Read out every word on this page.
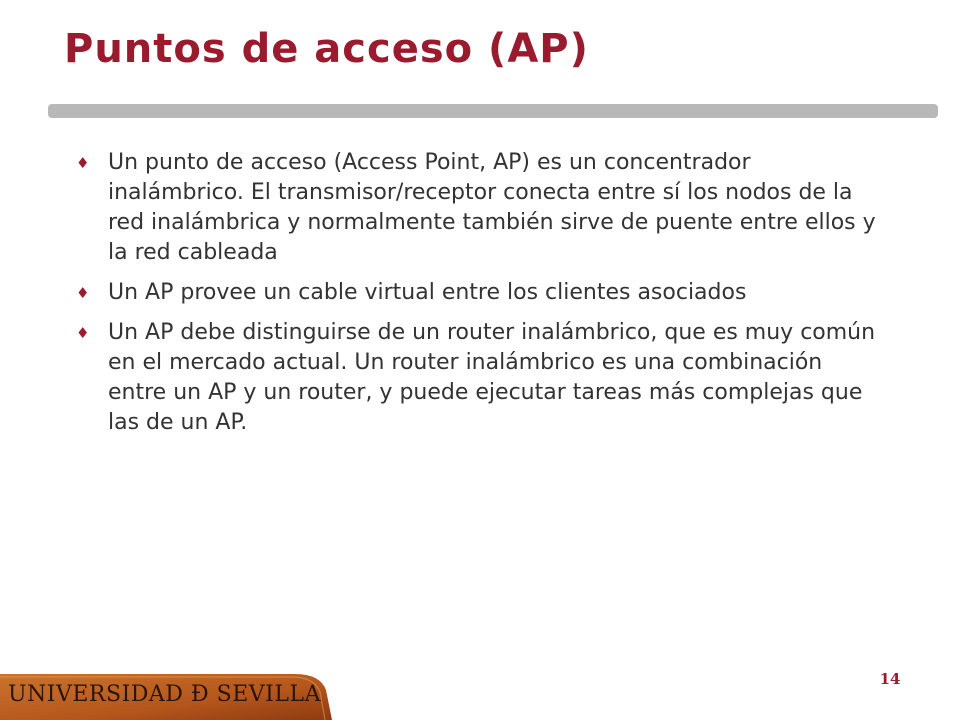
Puntos de acceso (AP)
♦ Un punto de acceso (Access Point, AP) es un concentrador inalámbrico. El transmisor/receptor conecta entre sí los nodos de la red inalámbrica y normalmente también sirve de puente entre ellos y la red cableada
♦ Un AP provee un cable virtual entre los clientes asociados
♦ Un AP debe distinguirse de un router inalámbrico, que es muy común en el mercado actual. Un router inalámbrico es una combinación entre un AP y un router, y puede ejecutar tareas más complejas que las de un AP.
14
UNIVERSIDAD Ð SEVILLA
